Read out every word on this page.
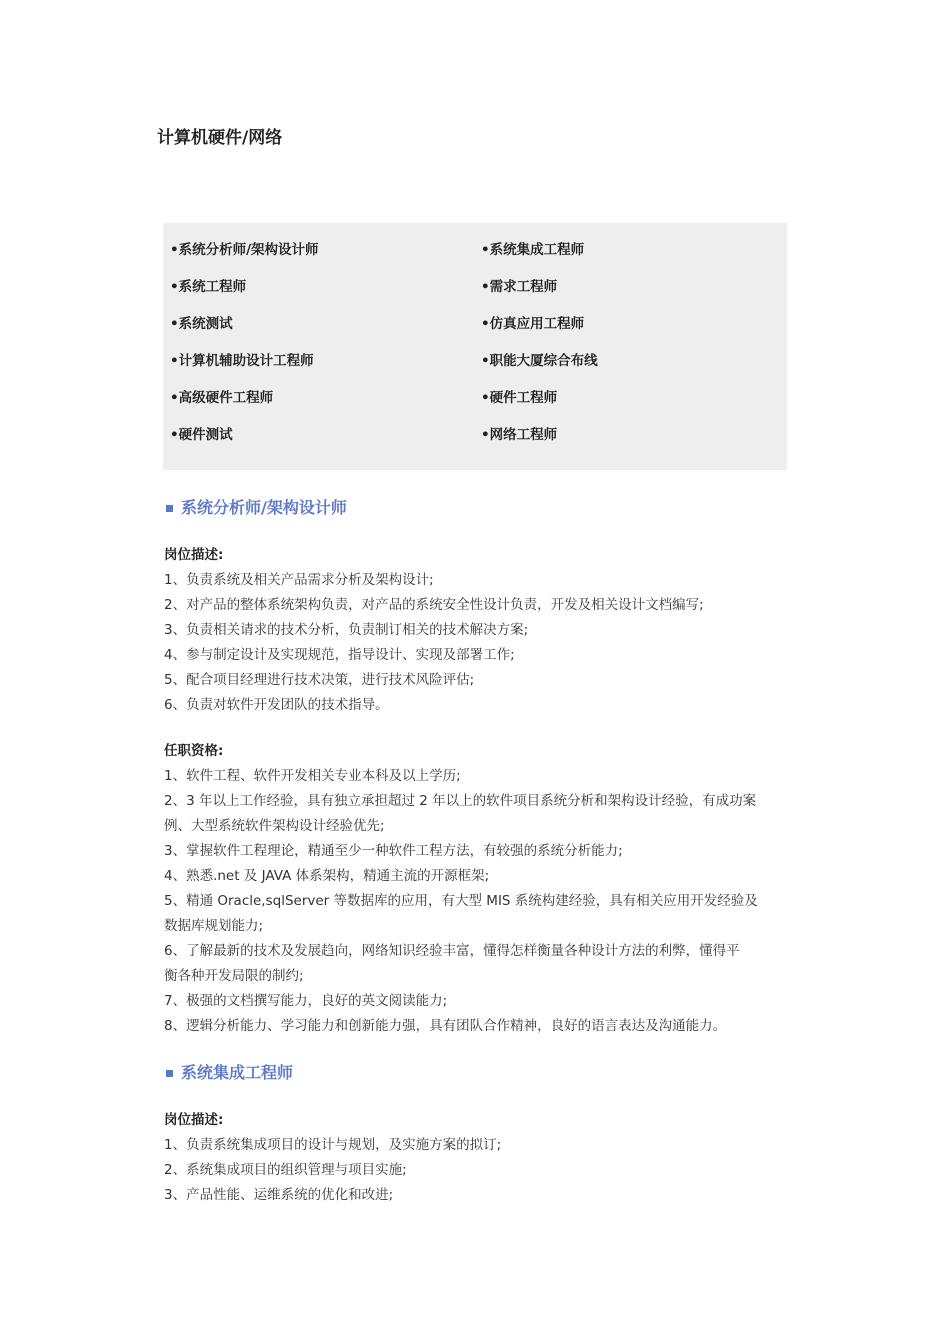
计算机硬件/网络
•系统分析师/架构设计师	•系统集成工程师
•系统工程师	•需求工程师
•系统测试	•仿真应用工程师
•计算机辅助设计工程师	•职能大厦综合布线
•高级硬件工程师	•硬件工程师
•硬件测试	•网络工程师
系统分析师/架构设计师

岗位描述:

1、负责系统及相关产品需求分析及架构设计;

2、对产品的整体系统架构负责，对产品的系统安全性设计负责，开发及相关设计文档编写;

3、负责相关请求的技术分析，负责制订相关的技术解决方案;

4、参与制定设计及实现规范，指导设计、实现及部署工作;

5、配合项目经理进行技术决策，进行技术风险评估;

6、负责对软件开发团队的技术指导。

任职资格:

1、软件工程、软件开发相关专业本科及以上学历;

2、3 年以上工作经验，具有独立承担超过 2 年以上的软件项目系统分析和架构设计经验，有成功案

例、大型系统软件架构设计经验优先;

3、掌握软件工程理论，精通至少一种软件工程方法，有较强的系统分析能力;

4、熟悉.net 及 JAVA 体系架构，精通主流的开源框架;

5、精通 Oracle,sqlServer 等数据库的应用，有大型 MIS 系统构建经验，具有相关应用开发经验及

数据库规划能力;

6、了解最新的技术及发展趋向，网络知识经验丰富，懂得怎样衡量各种设计方法的利弊，懂得平

衡各种开发局限的制约;

7、极强的文档撰写能力，良好的英文阅读能力;

8、逻辑分析能力、学习能力和创新能力强，具有团队合作精神，良好的语言表达及沟通能力。

系统集成工程师

岗位描述:

1、负责系统集成项目的设计与规划，及实施方案的拟订;

2、系统集成项目的组织管理与项目实施;

3、产品性能、运维系统的优化和改进;
